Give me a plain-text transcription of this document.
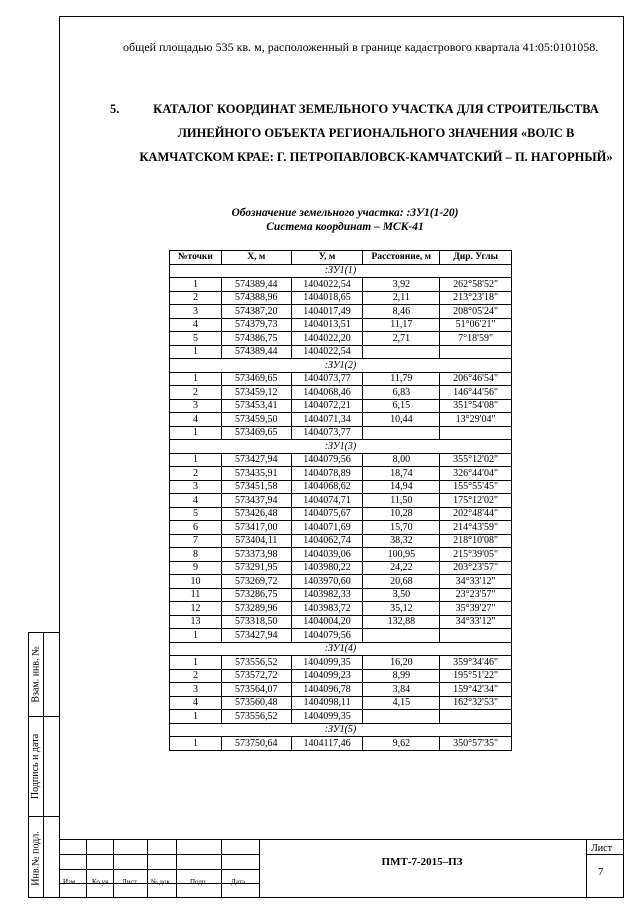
Взам. инв. №
Подпись и дата
Инв.№ подл.
общей площадью 535 кв. м, расположенный в границе кадастрового квартала 41:05:0101058.
5.	КАТАЛОГ КООРДИНАТ ЗЕМЕЛЬНОГО УЧАСТКА ДЛЯ СТРОИТЕЛЬСТВА ЛИНЕЙНОГО ОБЪЕКТА РЕГИОНАЛЬНОГО ЗНАЧЕНИЯ «ВОЛС В КАМЧАТСКОМ КРАЕ: Г. ПЕТРОПАВЛОВСК-КАМЧАТСКИЙ – П. НАГОРНЫЙ»
Обозначение земельного участка: :ЗУ1(1-20)
Система координат – МСК-41
№точки	Х, м	У, м	Расстояние, м	Дир. Углы
:ЗУ1(1)				
1	574389,44	1404022,54	3,92	262°58'52"
2	574388,96	1404018,65	2,11	213°23'18"
3	574387,20	1404017,49	8,46	208°05'24"
4	574379,73	1404013,51	11,17	51°06'21"
5	574386,75	1404022,20	2,71	7°18'59"
1	574389,44	1404022,54		
:ЗУ1(2)				
1	573469,65	1404073,77	11,79	206°46'54"
2	573459,12	1404068,46	6,83	146°44'56"
3	573453,41	1404072,21	6,15	351°54'08"
4	573459,50	1404071,34	10,44	13°29'04"
1	573469,65	1404073,77		
:ЗУ1(3)				
1	573427,94	1404079,56	8,00	355°12'02"
2	573435,91	1404078,89	18,74	326°44'04"
3	573451,58	1404068,62	14,94	155°55'45"
4	573437,94	1404074,71	11,50	175°12'02"
5	573426,48	1404075,67	10,28	202°48'44"
6	573417,00	1404071,69	15,70	214°43'59"
7	573404,11	1404062,74	38,32	218°10'08"
8	573373,98	1404039,06	100,95	215°39'05"
9	573291,95	1403980,22	24,22	203°23'57"
10	573269,72	1403970,60	20,68	34°33'12"
11	573286,75	1403982,33	3,50	23°23'57"
12	573289,96	1403983,72	35,12	35°39'27"
13	573318,50	1404004,20	132,88	34°33'12"
1	573427,94	1404079,56		
:ЗУ1(4)				
1	573556,52	1404099,35	16,20	359°34'46"
2	573572,72	1404099,23	8,99	195°51'22"
3	573564,07	1404096,78	3,84	159°42'34"
4	573560,48	1404098,11	4,15	162°32'53"
1	573556,52	1404099,35		
:ЗУ1(5)				
1	573750,64	1404117,46	9,62	350°57'35"
Изм. Ко уч Лист № док	Подп.	Дата
ПМТ-7-2015–ПЗ
Лист
7
